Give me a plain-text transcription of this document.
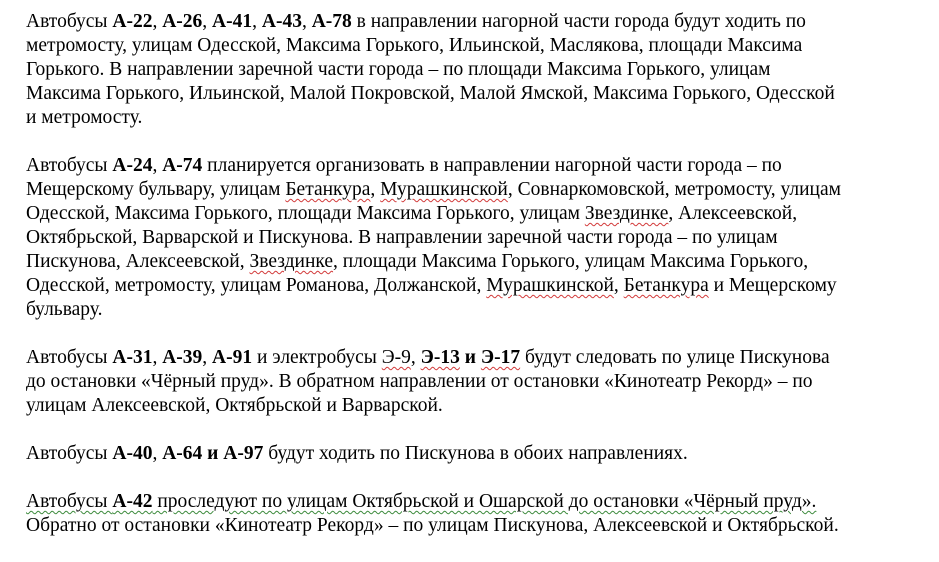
Автобусы А-22, А-26, А-41, А-43, А-78 в направлении нагорной части города будут ходить по
метромосту, улицам Одесской, Максима Горького, Ильинской, Маслякова, площади Максима
Горького. В направлении заречной части города – по площади Максима Горького, улицам
Максима Горького, Ильинской, Малой Покровской, Малой Ямской, Максима Горького, Одесской
и метромосту.
Автобусы А-24, А-74 планируется организовать в направлении нагорной части города – по
Мещерскому бульвару, улицам Бетанкура, Мурашкинской, Совнаркомовской, метромосту, улицам
Одесской, Максима Горького, площади Максима Горького, улицам Звездинке, Алексеевской,
Октябрьской, Варварской и Пискунова. В направлении заречной части города – по улицам
Пискунова, Алексеевской, Звездинке, площади Максима Горького, улицам Максима Горького,
Одесской, метромосту, улицам Романова, Должанской, Мурашкинской, Бетанкура и Мещерскому
бульвару.
Автобусы А-31, А-39, А-91 и электробусы Э-9, Э-13 и Э-17 будут следовать по улице Пискунова
до остановки «Чёрный пруд». В обратном направлении от остановки «Кинотеатр Рекорд» – по
улицам Алексеевской, Октябрьской и Варварской.
Автобусы А-40, А-64 и А-97 будут ходить по Пискунова в обоих направлениях.
Автобусы А-42 проследуют по улицам Октябрьской и Ошарской до остановки «Чёрный пруд».
Обратно от остановки «Кинотеатр Рекорд» – по улицам Пискунова, Алексеевской и Октябрьской.
